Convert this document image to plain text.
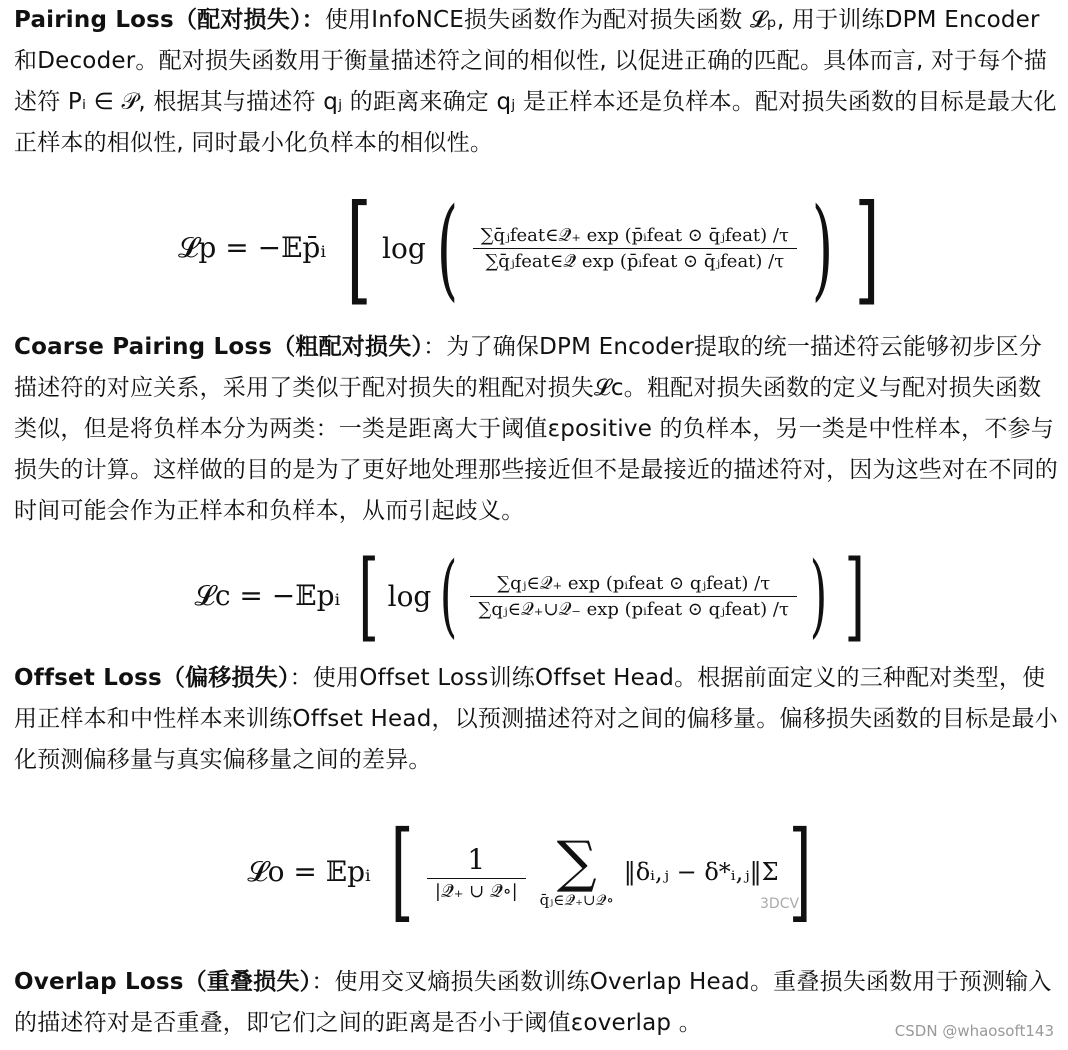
Pairing Loss（配对损失）：使用InfoNCE损失函数作为配对损失函数 𝓛ₚ, 用于训练DPM Encoder和Decoder。配对损失函数用于衡量描述符之间的相似性, 以促进正确的匹配。具体而言, 对于每个描述符 Pᵢ ∈ 𝒫, 根据其与描述符 qⱼ 的距离来确定 qⱼ 是正样本还是负样本。配对损失函数的目标是最大化正样本的相似性, 同时最小化负样本的相似性。
𝓛p = −𝔼p̄ᵢ [ log ( $\frac{\text{∑q̄ⱼfeat∈𝒬̄₊ exp (p̄ᵢfeat ⊙ q̄ⱼfeat) /τ}}{\text{∑q̄ⱼfeat∈𝒬̄ exp (p̄ᵢfeat ⊙ q̄ⱼfeat) /τ}}$ ) ]
Coarse Pairing Loss（粗配对损失）：为了确保DPM Encoder提取的统一描述符云能够初步区分描述符的对应关系，采用了类似于配对损失的粗配对损失𝓛c。粗配对损失函数的定义与配对损失函数类似，但是将负样本分为两类：一类是距离大于阈值εpositive 的负样本，另一类是中性样本，不参与损失的计算。这样做的目的是为了更好地处理那些接近但不是最接近的描述符对，因为这些对在不同的时间可能会作为正样本和负样本，从而引起歧义。
𝓛c = −𝔼pᵢ [ log ( $\frac{\text{∑qⱼ∈𝒬₊ exp (pᵢfeat ⊙ qⱼfeat) /τ}}{\text{∑qⱼ∈𝒬₊∪𝒬₋ exp (pᵢfeat ⊙ qⱼfeat) /τ}}$ ) ]
Offset Loss（偏移损失）：使用Offset Loss训练Offset Head。根据前面定义的三种配对类型，使用正样本和中性样本来训练Offset Head，以预测描述符对之间的偏移量。偏移损失函数的目标是最小化预测偏移量与真实偏移量之间的差异。
𝓛o = 𝔼pᵢ [ $\frac{1}{\text{|𝒬̄₊ ∪ 𝒬̄∘|}}$ ∑
q̄ⱼ∈𝒬̄₊∪𝒬̄∘
‖δᵢ,ⱼ − δ*ᵢ,ⱼ‖Σ ]
3DCV
Overlap Loss（重叠损失）：使用交叉熵损失函数训练Overlap Head。重叠损失函数用于预测输入的描述符对是否重叠，即它们之间的距离是否小于阈值εoverlap 。	CSDN @whaosoft143
